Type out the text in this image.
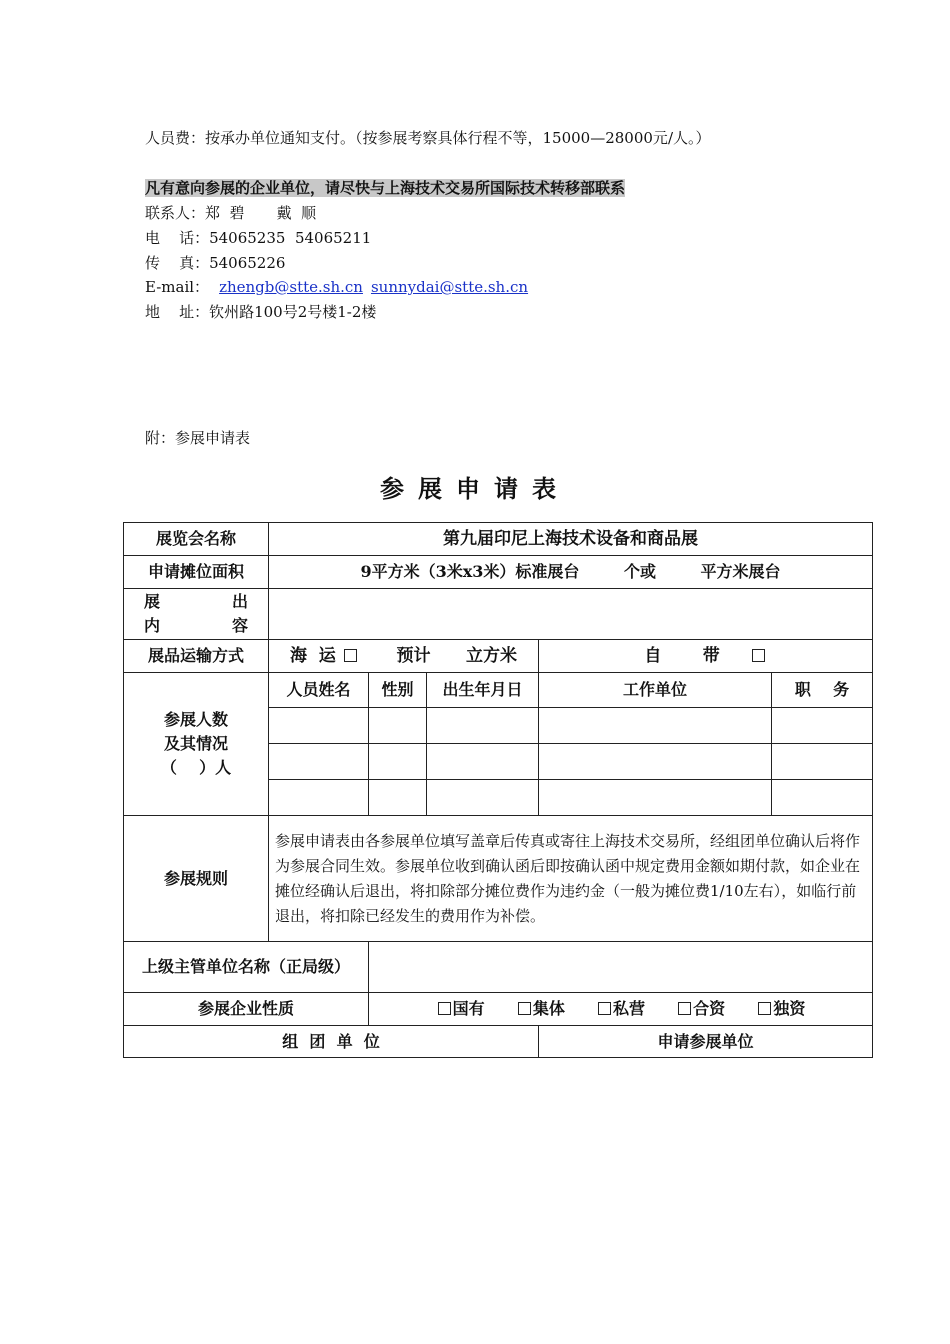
人员费：按承办单位通知支付。（按参展考察具体行程不等，15000—28000元/人。）
凡有意向参展的企业单位，请尽快与上海技术交易所国际技术转移部联系
联系人：郑  碧 戴  顺
电    话：54065235  54065211
传    真：54065226
E-mail： zhengb@stte.sh.cn sunnydai@stte.sh.cn
地    址：钦州路100号2号楼1-2楼
附：参展申请表
参展申请表
展览会名称	第九届印尼上海技术设备和商品展				
申请摊位面积	9平方米（3米x3米）标准展台        个或        平方米展台				

展 出
内 容					

展品运输方式	海  运 预计      立方米			自       带	

参展人数
及其情况
（    ）人	人员姓名	性别	出生年月日	工作单位	职    务

参展规则	参展申请表由各参展单位填写盖章后传真或寄往上海技术交易所，经组团单位确认后将作为参展合同生效。参展单位收到确认函后即按确认函中规定费用金额如期付款，如企业在摊位经确认后退出，将扣除部分摊位费作为违约金（一般为摊位费1/10左右），如临行前退出，将扣除已经发生的费用作为补偿。				
上级主管单位名称（正局级）					
参展企业性质		国有 集体 私营 合资 独资			
组  团  单  位				申请参展单位	
